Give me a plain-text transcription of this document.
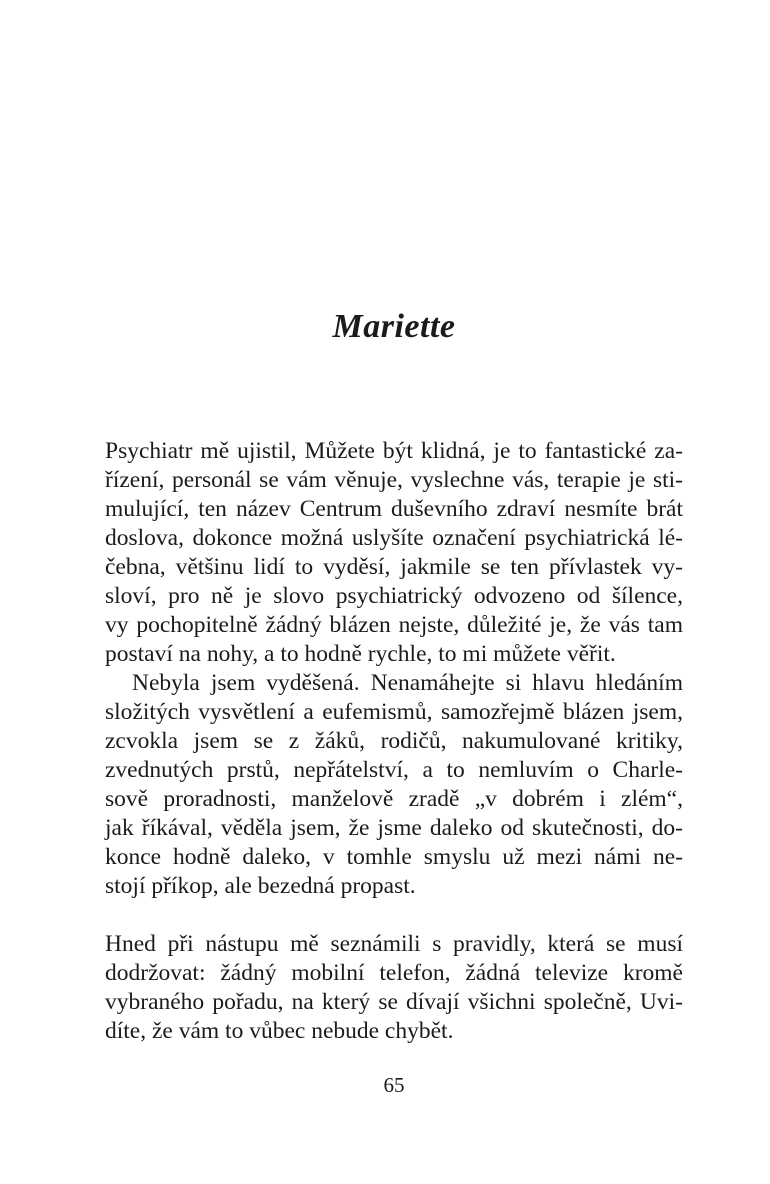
Mariette
Psychiatr mě ujistil, Můžete být klidná, je to fantastické za-
řízení, personál se vám věnuje, vyslechne vás, terapie je sti-
mulující, ten název Centrum duševního zdraví nesmíte brát
doslova, dokonce možná uslyšíte označení psychiatrická lé-
čebna, většinu lidí to vyděsí, jakmile se ten přívlastek vy-
sloví, pro ně je slovo psychiatrický odvozeno od šílence,
vy pochopitelně žádný blázen nejste, důležité je, že vás tam
postaví na nohy, a to hodně rychle, to mi můžete věřit.
Nebyla jsem vyděšená. Nenamáhejte si hlavu hledáním
složitých vysvětlení a eufemismů, samozřejmě blázen jsem,
zcvokla jsem se z žáků, rodičů, nakumulované kritiky,
zvednutých prstů, nepřátelství, a to nemluvím o Charle-
sově proradnosti, manželově zradě „v dobrém i zlém“,
jak říkával, věděla jsem, že jsme daleko od skutečnosti, do-
konce hodně daleko, v tomhle smyslu už mezi námi ne-
stojí příkop, ale bezedná propast.
Hned při nástupu mě seznámili s pravidly, která se musí
dodržovat: žádný mobilní telefon, žádná televize kromě
vybraného pořadu, na který se dívají všichni společně, Uvi-
díte, že vám to vůbec nebude chybět.
65
